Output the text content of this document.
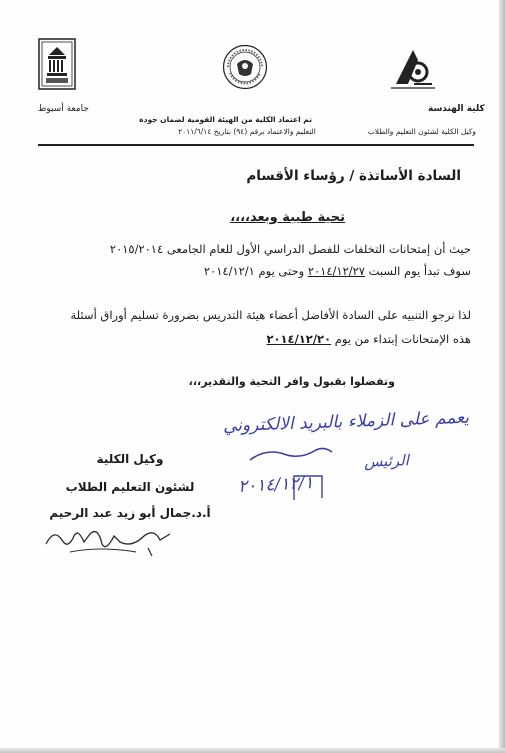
جامعة أسيوط
تم اعتماد الكلية من الهيئة القومية لضمان جودة
التعليم والاعتماد برقم (٩٤) بتاريخ ٢٠١١/٦/١٤
كلية الهندسة
وكيل الكلية لشئون التعليم والطلاب
السادة الأساتذة / رؤساء الأقسام
تحية طيبة وبعد،،،،
حيث أن إمتحانات التخلفات للفصل الدراسي الأول للعام الجامعى ٢٠١٥/٢٠١٤
سوف تبدأ يوم السبت ٢٠١٤/١٢/٢٧ وحتى يوم ٢٠١٤/١٢/١
لذا نرجو التنبيه على السادة الأفاضل أعضاء هيئة التدريس بضرورة تسليم أوراق أسئلة
هذه الإمتحانات إبتداء من يوم ٢٠١٤/١٢/٢٠
وتفضلوا بقبول وافر التحية والتقدير،،،
يعمم على الزملاء بالبريد الالكتروني
الرئيس
٢٠١٤/١٢/١
وكيل الكلية
لشئون التعليم الطلاب
أ.د.جمال أبو زيد عبد الرحيم
